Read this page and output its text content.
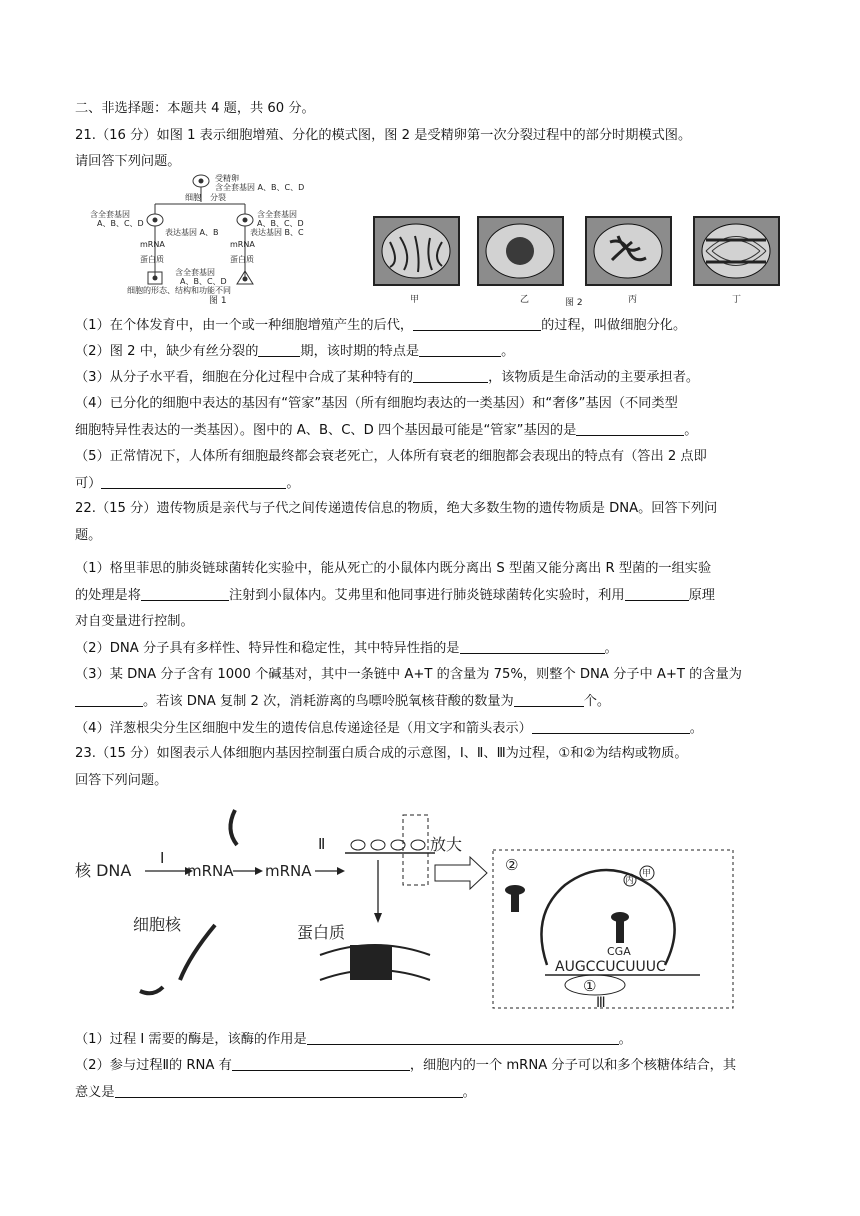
二、非选择题：本题共 4 题，共 60 分。
21.（16 分）如图 1 表示细胞增殖、分化的模式图，图 2 是受精卵第一次分裂过程中的部分时期模式图。
请回答下列问题。
受精卵
含全套基因 A、B、C、D
细胞 分裂
含全套基因
A、B、C、D
含全套基因
A、B、C、D
表达基因 A、B	表达基因 B、C
mRNA	mRNA
蛋白质	蛋白质
含全套基因
A、B、C、D
细胞的形态、结构和功能不同
图 1	甲	乙	丙	丁
图 2
（1）在个体发育中，由一个或一种细胞增殖产生的后代，	的过程，叫做细胞分化。
（2）图 2 中，缺少有丝分裂的	期，该时期的特点是	。
（3）从分子水平看，细胞在分化过程中合成了某种特有的	，该物质是生命活动的主要承担者。
（4）已分化的细胞中表达的基因有“管家”基因（所有细胞均表达的一类基因）和“奢侈”基因（不同类型
细胞特异性表达的一类基因）。图中的 A、B、C、D 四个基因最可能是“管家”基因的是	。
（5）正常情况下，人体所有细胞最终都会衰老死亡，人体所有衰老的细胞都会表现出的特点有（答出 2 点即
可）	。
22.（15 分）遗传物质是亲代与子代之间传递遗传信息的物质，绝大多数生物的遗传物质是 DNA。回答下列问
题。
（1）格里菲思的肺炎链球菌转化实验中，能从死亡的小鼠体内既分离出 S 型菌又能分离出 R 型菌的一组实验
的处理是将	注射到小鼠体内。艾弗里和他同事进行肺炎链球菌转化实验时，利用	原理
对自变量进行控制。
（2）DNA 分子具有多样性、特异性和稳定性，其中特异性指的是	。
（3）某 DNA 分子含有 1000 个碱基对，其中一条链中 A+T 的含量为 75%，则整个 DNA 分子中 A+T 的含量为
。若该 DNA 复制 2 次，消耗游离的鸟嘌呤脱氧核苷酸的数量为	个。
（4）洋葱根尖分生区细胞中发生的遗传信息传递途径是（用文字和箭头表示）	。
23.（15 分）如图表示人体细胞内基因控制蛋白质合成的示意图，Ⅰ、Ⅱ、Ⅲ为过程，①和②为结构或物质。
回答下列问题。
核 DNA
Ⅰ
mRNA mRNA
Ⅱ
细胞核
放大
蛋白质
②
丙
甲
CGA
AUGCCUCUUUC
①
Ⅲ
（1）过程 I 需要的酶是，该酶的作用是	。
（2）参与过程Ⅱ的 RNA 有	，细胞内的一个 mRNA 分子可以和多个核糖体结合，其
意义是	。
